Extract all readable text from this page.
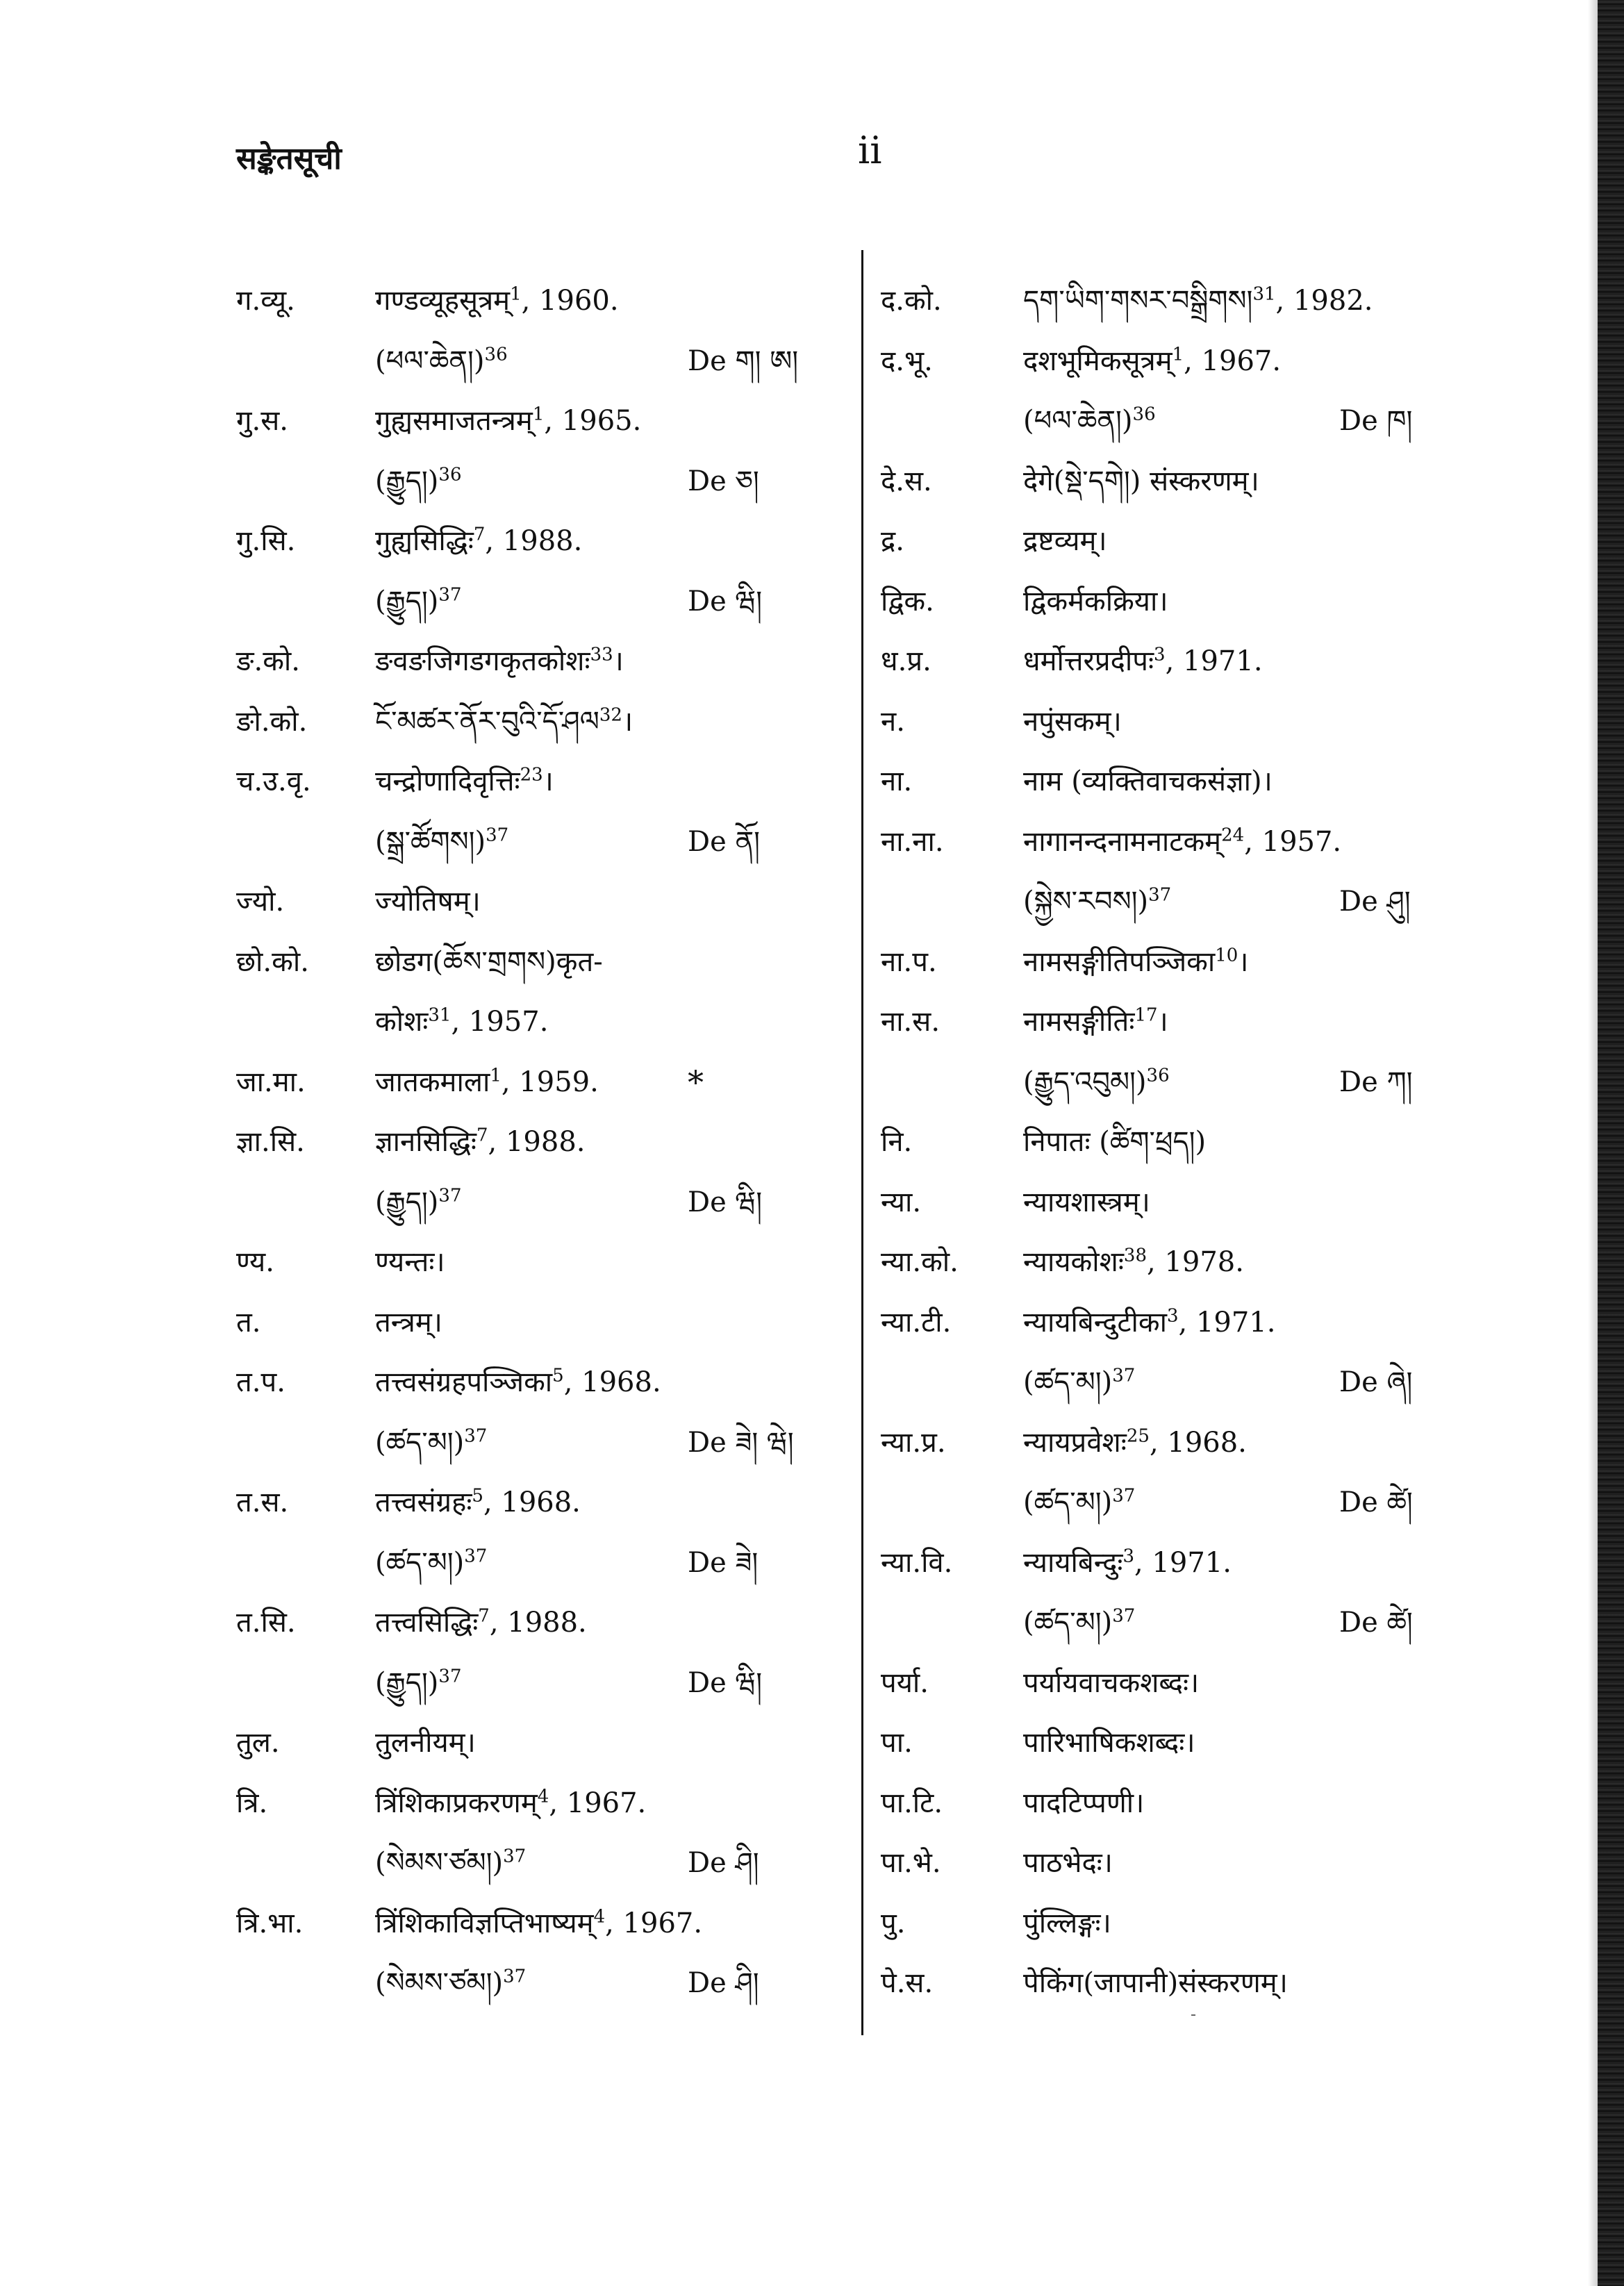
सङ्केतसूची	ii
ग.व्यू.	गण्डव्यूहसूत्रम्$^1$, 1960.
(ཕལ་ཆེན།)$^{36}$	De ག། ཨ།
गु.स.	गुह्यसमाजतन्त्रम्$^1$, 1965.
(རྒྱུད།)$^{36}$	De ཅ།
गु.सि.	गुह्यसिद्धिः$^7$, 1988.
(རྒྱུད།)$^{37}$	De ཝི།
ङ.को.	ङवङजिगडगकृतकोशः$^{33}$।
ङो.को. ངོ་མཚར་ནོར་བུའི་དོ་ཤལ$^{32}$।
च.उ.वृ. चन्द्रोणादिवृत्तिः$^{23}$।
(སྒྲ་ཚོགས།)$^{37}$	De ནོ།
ज्यो.	ज्योतिषम्।
छो.को. छोडग(ཆོས་གྲགས)कृत-
कोशः$^{31}$, 1957.
जा.मा.	जातकमाला$^1$, 1959.	*
ज्ञा.सि.	ज्ञानसिद्धिः$^7$, 1988.
(རྒྱུད།)$^{37}$	De ཝི།
ण्य.	ण्यन्तः।
त.	तन्त्रम्।
त.प.	तत्त्वसंग्रहपञ्जिका$^5$, 1968.
(ཚད་མ།)$^{37}$	De ཟེ། ཝེ།
त.स.	तत्त्वसंग्रहः$^5$, 1968.
(ཚད་མ།)$^{37}$	De ཟེ།
त.सि.	तत्त्वसिद्धिः$^7$, 1988.
(རྒྱུད།)$^{37}$	De ཝི།
तुल.	तुलनीयम्।
त्रि.	त्रिंशिकाप्रकरणम्$^4$, 1967.
(སེམས་ཙམ།)$^{37}$	De ཤི།
त्रि.भा.	त्रिंशिकाविज्ञप्तिभाष्यम्$^4$, 1967.
(སེམས་ཙམ།)$^{37}$	De ཤི།
द.को.	དག་ཡིག་གསར་བསྒྲིགས།$^{31}$, 1982.
द.भू.	दशभूमिकसूत्रम्$^1$, 1967.
(ཕལ་ཆེན།)$^{36}$	De ཁ།
दे.स.	देगे(སྡེ་དགེ།) संस्करणम्।
द्र.	द्रष्टव्यम्।
द्विक.	द्विकर्मकक्रिया।
ध.प्र.	धर्मोत्तरप्रदीपः$^3$, 1971.
न.	नपुंसकम्।
ना.	नाम (व्यक्तिवाचकसंज्ञा)।
ना.ना.	नागानन्दनामनाटकम्$^{24}$, 1957.
(སྐྱེས་རབས།)$^{37}$	De ཤུ།
ना.प.	नामसङ्गीतिपञ्जिका$^{10}$।
ना.स.	नामसङ्गीतिः$^{17}$।
(རྒྱུད་འབུམ།)$^{36}$	De ཀ།
नि.	निपातः (ཚིག་ཕྲད།)
न्या.	न्यायशास्त्रम्।
न्या.को. न्यायकोशः$^{38}$, 1978.
न्या.टी.	न्यायबिन्दुटीका$^3$, 1971.
(ཚད་མ།)$^{37}$	De ཞེ།
न्या.प्र.	न्यायप्रवेशः$^{25}$, 1968.
(ཚད་མ།)$^{37}$	De ཚེ།
न्या.वि.	न्यायबिन्दुः$^3$, 1971.
(ཚད་མ།)$^{37}$	De ཚེ།
पर्या.	पर्यायवाचकशब्दः।
पा.	पारिभाषिकशब्दः।
पा.टि.	पादटिप्पणी।
पा.भे.	पाठभेदः।
पु.	पुंल्लिङ्गः।
पे.स.	पेकिंग(जापानी)संस्करणम्।
